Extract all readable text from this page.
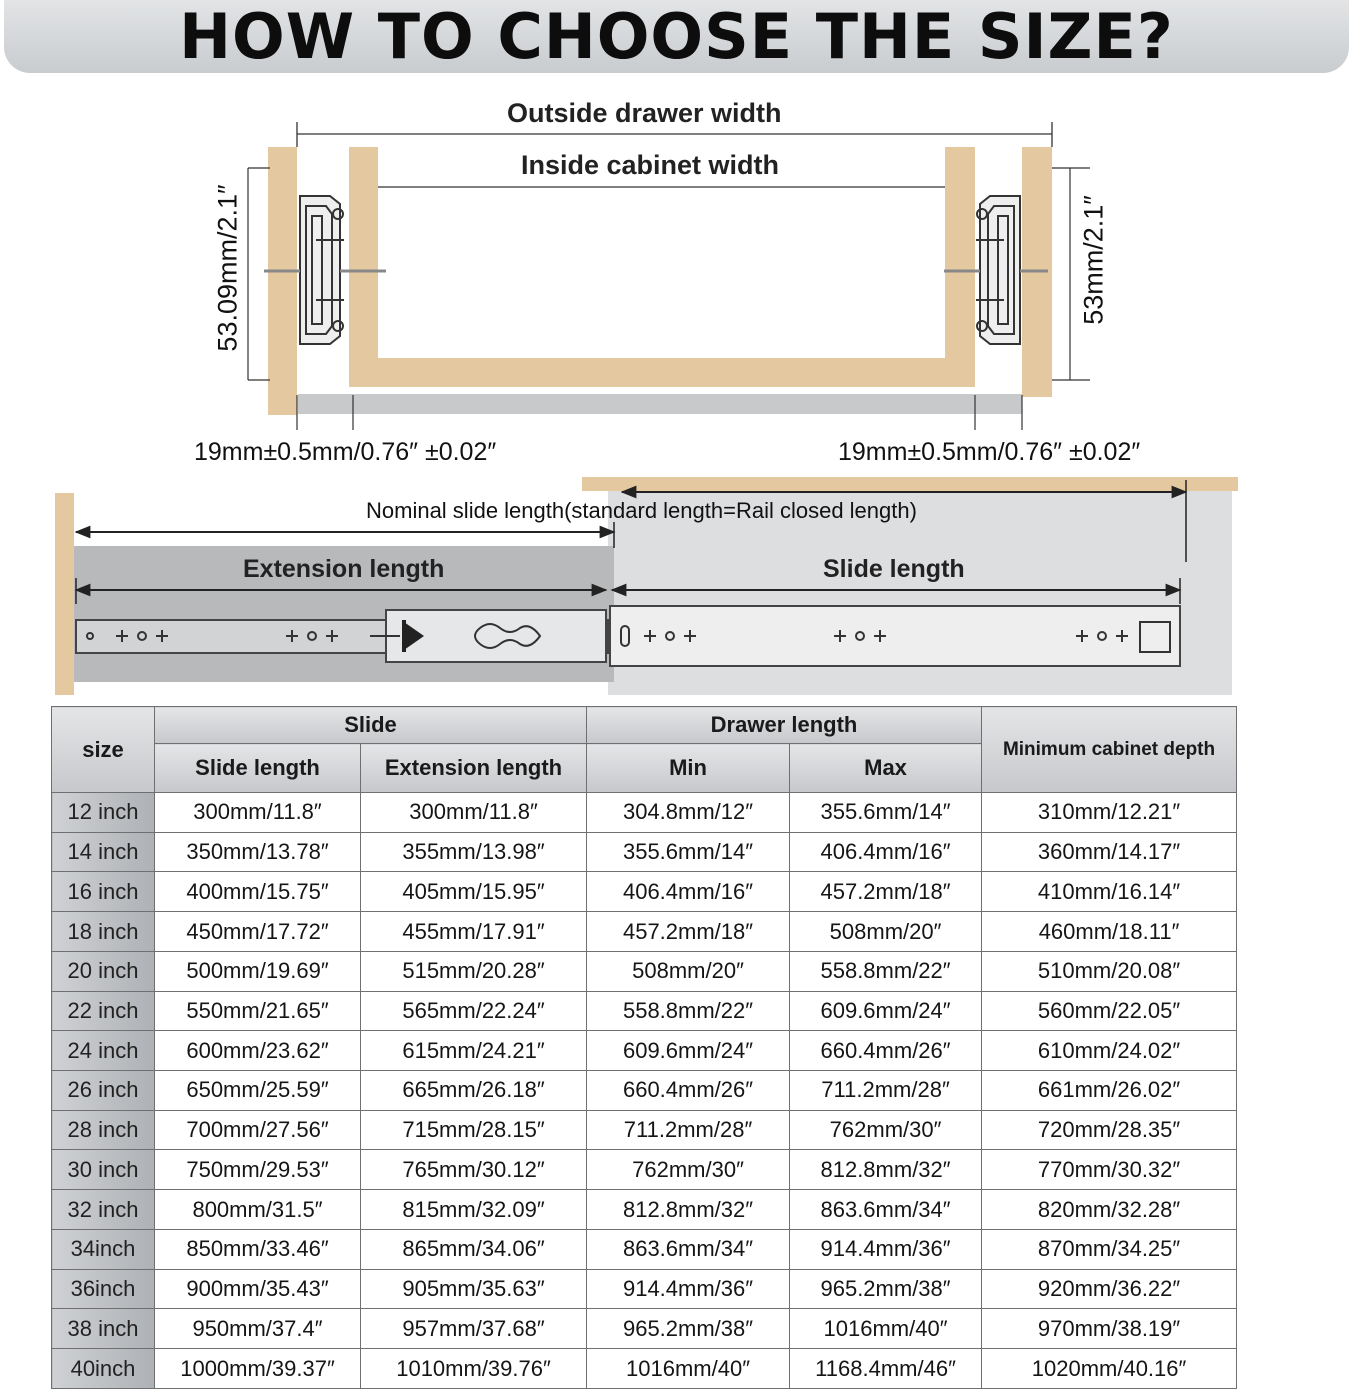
HOW TO CHOOSE THE SIZE?
Outside drawer width
Inside cabinet width
53.09mm/2.1″	53mm/2.1″
19mm±0.5mm/0.76″ ±0.02″	19mm±0.5mm/0.76″ ±0.02″
Nominal slide length(standard length=Rail closed length)
Extension length	Slide length
size	Slide		Drawer length		Minimum cabinet depth
	Slide length	Extension length	Min	Max	
12 inch	300mm/11.8″	300mm/11.8″	304.8mm/12″	355.6mm/14″	310mm/12.21″
14 inch	350mm/13.78″	355mm/13.98″	355.6mm/14″	406.4mm/16″	360mm/14.17″
16 inch	400mm/15.75″	405mm/15.95″	406.4mm/16″	457.2mm/18″	410mm/16.14″
18 inch	450mm/17.72″	455mm/17.91″	457.2mm/18″	508mm/20″	460mm/18.11″
20 inch	500mm/19.69″	515mm/20.28″	508mm/20″	558.8mm/22″	510mm/20.08″
22 inch	550mm/21.65″	565mm/22.24″	558.8mm/22″	609.6mm/24″	560mm/22.05″
24 inch	600mm/23.62″	615mm/24.21″	609.6mm/24″	660.4mm/26″	610mm/24.02″
26 inch	650mm/25.59″	665mm/26.18″	660.4mm/26″	711.2mm/28″	661mm/26.02″
28 inch	700mm/27.56″	715mm/28.15″	711.2mm/28″	762mm/30″	720mm/28.35″
30 inch	750mm/29.53″	765mm/30.12″	762mm/30″	812.8mm/32″	770mm/30.32″
32 inch	800mm/31.5″	815mm/32.09″	812.8mm/32″	863.6mm/34″	820mm/32.28″
34inch	850mm/33.46″	865mm/34.06″	863.6mm/34″	914.4mm/36″	870mm/34.25″
36inch	900mm/35.43″	905mm/35.63″	914.4mm/36″	965.2mm/38″	920mm/36.22″
38 inch	950mm/37.4″	957mm/37.68″	965.2mm/38″	1016mm/40″	970mm/38.19″
40inch	1000mm/39.37″	1010mm/39.76″	1016mm/40″	1168.4mm/46″	1020mm/40.16″
